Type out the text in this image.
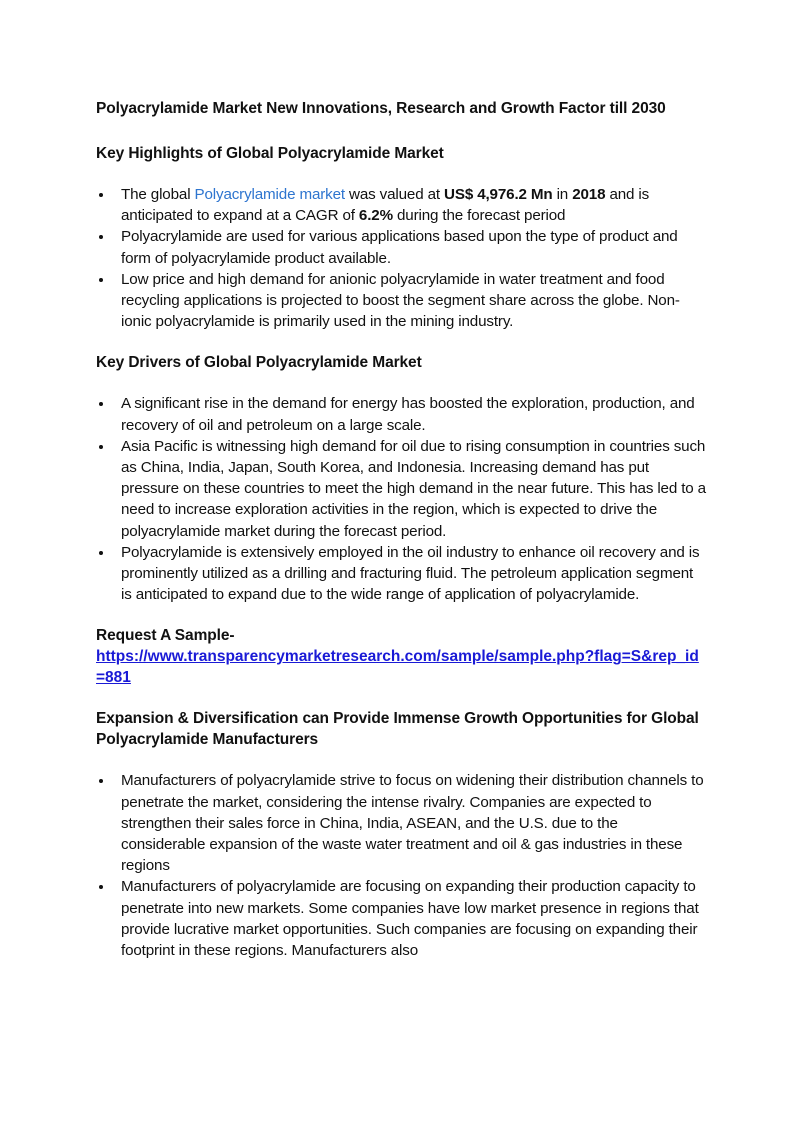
Polyacrylamide Market New Innovations, Research and Growth Factor till 2030

Key Highlights of Global Polyacrylamide Market

The global Polyacrylamide market was valued at US$ 4,976.2 Mn in 2018 and is anticipated to expand at a CAGR of 6.2% during the forecast period
Polyacrylamide are used for various applications based upon the type of product and form of polyacrylamide product available.
Low price and high demand for anionic polyacrylamide in water treatment and food recycling applications is projected to boost the segment share across the globe. Non-ionic polyacrylamide is primarily used in the mining industry.

Key Drivers of Global Polyacrylamide Market

A significant rise in the demand for energy has boosted the exploration, production, and recovery of oil and petroleum on a large scale.
Asia Pacific is witnessing high demand for oil due to rising consumption in countries such as China, India, Japan, South Korea, and Indonesia. Increasing demand has put pressure on these countries to meet the high demand in the near future. This has led to a need to increase exploration activities in the region, which is expected to drive the polyacrylamide market during the forecast period.
Polyacrylamide is extensively employed in the oil industry to enhance oil recovery and is prominently utilized as a drilling and fracturing fluid. The petroleum application segment is anticipated to expand due to the wide range of application of polyacrylamide.

Request A Sample-

https://www.transparencymarketresearch.com/sample/sample.php?flag=S&rep_id=881

Expansion & Diversification can Provide Immense Growth Opportunities for Global Polyacrylamide Manufacturers

Manufacturers of polyacrylamide strive to focus on widening their distribution channels to penetrate the market, considering the intense rivalry. Companies are expected to strengthen their sales force in China, India, ASEAN, and the U.S. due to the considerable expansion of the waste water treatment and oil & gas industries in these regions
Manufacturers of polyacrylamide are focusing on expanding their production capacity to penetrate into new markets. Some companies have low market presence in regions that provide lucrative market opportunities. Such companies are focusing on expanding their footprint in these regions. Manufacturers also
